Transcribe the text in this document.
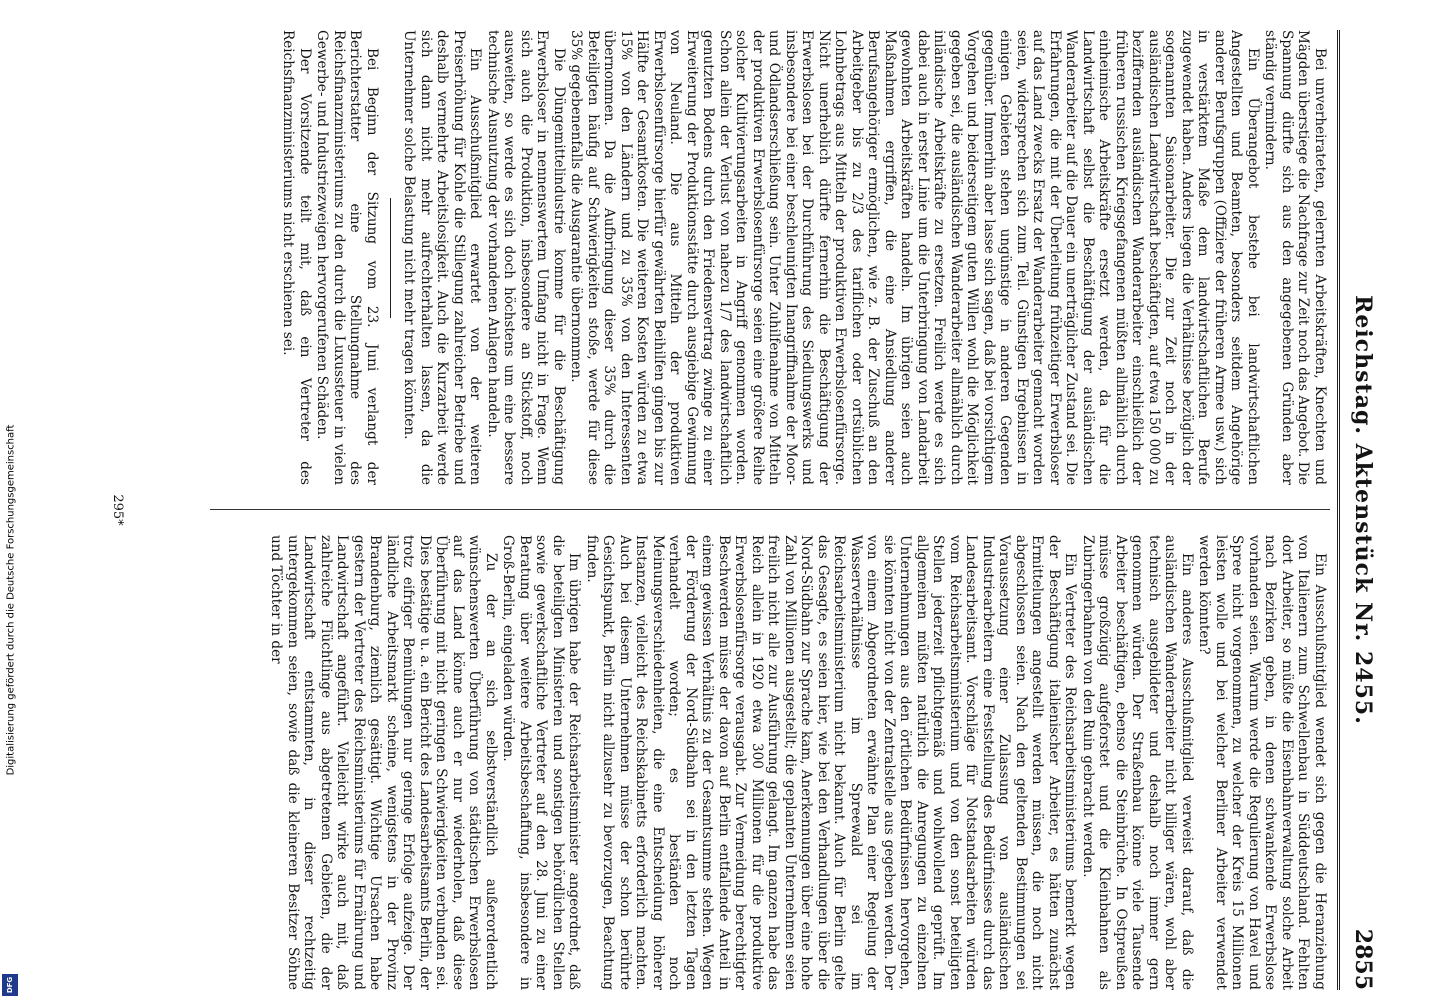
Digitalisierung gefördert durch die Deutsche Forschungsgemeinschaft
DFG
Reichstag. Aktenstück Nr. 2455.
2855

Bei unverheirateten, gelernten Arbeitskräften, Knechten und Mägden überstiege die Nachfrage zur Zeit noch das Angebot. Die Spannung dürfte sich aus den angegebenen Gründen aber ständig vermindern.

Ein Überangebot bestehe bei landwirtschaftlichen Angestellten und Beamten, besonders seitdem Angehörige anderer Berufsgruppen (Offiziere der früheren Armee usw.) sich in verstärktem Maße dem landwirtschaftlichen Berufe zugewendet haben. Anders liegen die Verhältnisse bezüglich der sogenannten Saisonarbeiter. Die zur Zeit noch in der ausländischen Landwirtschaft beschäftigten, auf etwa 150 000 zu beziffernden ausländischen Wanderarbeiter einschließlich der früheren russischen Kriegsgefangenen müßten allmählich durch einheimische Arbeitskräfte ersetzt werden, da für die Landwirtschaft selbst die Beschäftigung der ausländischen Wanderarbeiter auf die Dauer ein unerträglicher Zustand sei. Die Erfahrungen, die mit der Überleitung frühzeitiger Erwerbsloser auf das Land zwecks Ersatz der Wanderarbeiter gemacht worden seien, widersprechen sich zum Teil. Günstigen Ergebnissen in einigen Gebieten stehen ungünstige in anderen Gegenden gegenüber. Immerhin aber lasse sich sagen, daß bei vorsichtigem Vorgehen und beiderseitigem guten Willen wohl die Möglichkeit gegeben sei, die ausländischen Wanderarbeiter allmählich durch inländische Arbeitskräfte zu ersetzen. Freilich werde es sich dabei auch in erster Linie um die Unterbringung von Landarbeit gewohnten Arbeitskräften handeln. Im übrigen seien auch Maßnahmen ergriffen, die eine Ansiedlung anderer Berufsangehöriger ermöglichen, wie z. B. der Zuschuß an den Arbeitgeber bis zu 2/3 des tariflichen oder ortsüblichen Lohnbetrags aus Mitteln der produktiven Erwerbslosenfürsorge. Nicht unerheblich dürfte fernerhin die Beschäftigung der Erwerbslosen bei der Durchführung des Siedlungswerks und insbesondere bei einer beschleunigten Inangriffnahme der Moor- und Ödlandserschließung sein. Unter Zuhilfenahme von Mitteln der produktiven Erwerbslosenfürsorge seien eine größere Reihe solcher Kultivierungsarbeiten in Angriff genommen worden. Schon allein der Verlust von nahezu 1/7 des landwirtschaftlich genutzten Bodens durch den Friedensvertrag zwinge zu einer Erweiterung der Produktionsstätte durch ausgiebige Gewinnung von Neuland. Die aus Mitteln der produktiven Erwerbslosenfürsorge hierfür gewährten Beihilfen gingen bis zur Hälfte der Gesamtkosten. Die weiteren Kosten würden zu etwa 15% von den Ländern und zu 35% von den Interessenten übernommen. Da die Aufbringung dieser 35% durch die Beteiligten häufig auf Schwierigkeiten stoße, werde für diese 35% gegebenenfalls die Ausgarantie übernommen.

Die Düngemittelindustrie komme für die Beschäftigung Erwerbsloser in nennenswertem Umfang nicht in Frage. Wenn sich auch die Produktion, insbesondere an Stickstoff, noch ausweiten, so werde es sich doch höchstens um eine bessere technische Ausnutzung der vorhandenen Anlagen handeln.

Ein Ausschußmitglied erwartet von der weiteren Preiserhöhung für Kohle die Stillegung zahlreicher Betriebe und deshalb vermehrte Arbeitslosigkeit. Auch die Kurzarbeit werde sich dann nicht mehr aufrechterhalten lassen, da die Unternehmer solche Belastung nicht mehr tragen könnten.

Bei Beginn der Sitzung vom 23. Juni verlangt der Berichterstatter eine Stellungnahme des Reichsfinanzministeriums zu den durch die Luxussteuer in vielen Gewerbe- und Industriezweigen hervorgerufenen Schäden.

Der Vorsitzende teilt mit, daß ein Vertreter des Reichsfinanzministeriums nicht erschienen sei.

Ein Ausschußmitglied wendet sich gegen die Heranziehung von Italienern zum Schwellenbau in Süddeutschland. Fehlten dort Arbeiter, so müßte die Eisenbahnverwaltung solche Arbeit nach Bezirken geben, in denen schwankende Erwerbslose vorhanden seien. Warum werde die Regulierung von Havel und Spree nicht vorgenommen, zu welcher der Kreis 15 Millionen leisten wolle und bei welcher Berliner Arbeiter verwendet werden könnten?

Ein anderes Ausschußmitglied verweist darauf, daß die ausländischen Wanderarbeiter nicht billiger wären, wohl aber technisch ausgebildeter und deshalb noch immer gern genommen würden. Der Straßenbau könne viele Tausende Arbeiter beschäftigen, ebenso die Steinbrüche. In Ostpreußen müsse großzügig aufgeforstet und die Kleinbahnen als Zubringerbahnen von den Ruin gebracht werden.

Ein Vertreter des Reichsarbeitsministeriums bemerkt wegen der Beschäftigung italienischer Arbeiter, es hätten zunächst Ermittelungen angestellt werden müssen, die noch nicht abgeschlossen seien. Nach den geltenden Bestimmungen sei Voraussetzung einer Zulassung von ausländischen Industriearbeitern eine Feststellung des Bedürfnisses durch das Landesarbeitsamt. Vorschläge für Notstandsarbeiten würden vom Reichsarbeitsministerium und von den sonst beteiligten Stellen jederzeit pflichtgemäß und wohlwollend geprüft. Im allgemeinen müßten natürlich die Anregungen zu einzelnen Unternehmungen aus den örtlichen Bedürfnissen hervorgehen, sie könnten nicht von der Zentralstelle aus gegeben werden. Der von einem Abgeordneten erwähnte Plan einer Regelung der Wasserverhältnisse im Spreewald sei im Reichsarbeitsministerium nicht bekannt. Auch für Berlin gelte das Gesagte, es seien hier, wie bei den Verhandlungen über die Nord-Südbahn zur Sprache kam, Anerkennungen über eine hohe Zahl von Millionen ausgestellt; die geplanten Unternehmen seien freilich nicht alle zur Ausführung gelangt. Im ganzen habe das Reich allein in 1920 etwa 300 Millionen für die produktive Erwerbslosenfürsorge verausgabt. Zur Vermeidung berechtigter Beschwerden müsse der davon auf Berlin entfallende Anteil in einem gewissen Verhältnis zu der Gesamtsumme stehen. Wegen der Förderung der Nord-Südbahn sei in den letzten Tagen verhandelt worden; es beständen noch Meinungsverschiedenheiten, die eine Entscheidung höherer Instanzen, vielleicht des Reichskabinetts erforderlich machten. Auch bei diesem Unternehmen müsse der schon berührte Gesichtspunkt, Berlin nicht allzusehr zu bevorzugen, Beachtung finden.

Im übrigen habe der Reichsarbeitsminister angeordnet, daß die beteiligten Ministerien und sonstigen behördlichen Stellen sowie gewerkschaftliche Vertreter auf den 28. Juni zu einer Beratung über weitere Arbeitsbeschaffung, insbesondere in Groß-Berlin, eingeladen würden.

Zu der an sich selbstverständlich außerordentlich wünschenswerten Überführung von städtischen Erwerbslosen auf das Land könne auch er nur wiederholen, daß diese Überführung mit nicht geringen Schwierigkeiten verbunden sei. Dies bestätige u. a. ein Bericht des Landesarbeitsamts Berlin, der trotz eifriger Bemühungen nur geringe Erfolge aufzeige. Der ländliche Arbeitsmarkt scheine, wenigstens in der Provinz Brandenburg, ziemlich gesättigt. Wichtige Ursachen habe gestern der Vertreter des Reichsministeriums für Ernährung und Landwirtschaft angeführt. Vielleicht wirke auch mit, daß zahlreiche Flüchtlinge aus abgetretenen Gebieten, die der Landwirtschaft entstammten, in dieser rechtzeitig untergekommen seien, sowie daß die kleineren Besitzer Söhne und Töchter in der

295*
